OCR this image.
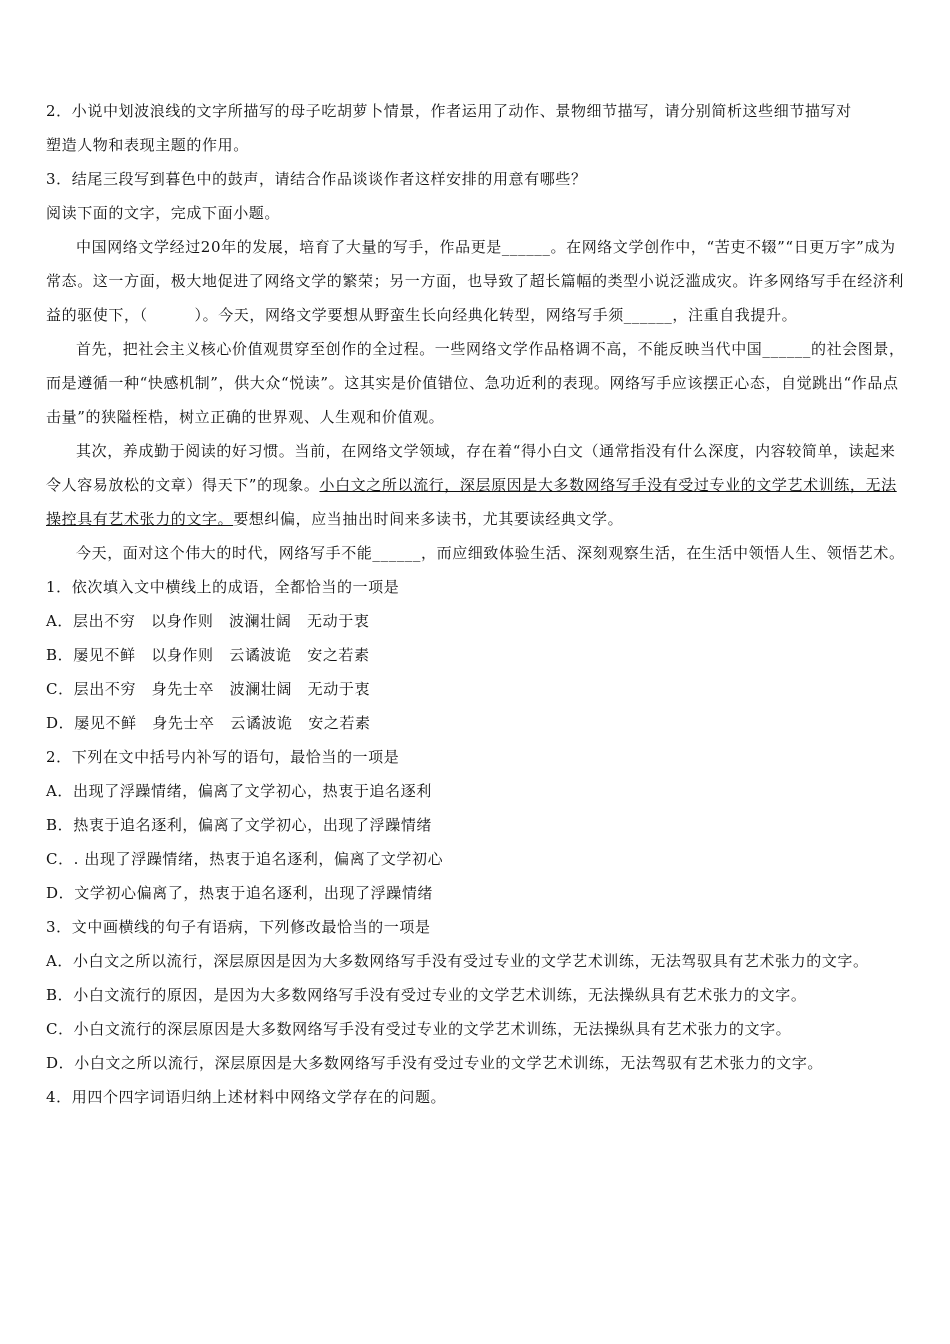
2．小说中划波浪线的文字所描写的母子吃胡萝卜情景，作者运用了动作、景物细节描写，请分别简析这些细节描写对
塑造人物和表现主题的作用。
3．结尾三段写到暮色中的鼓声，请结合作品谈谈作者这样安排的用意有哪些？
阅读下面的文字，完成下面小题。
中国网络文学经过20年的发展，培育了大量的写手，作品更是______。在网络文学创作中，“苦吏不辍”“日更万字”成为常态。这一方面，极大地促进了网络文学的繁荣；另一方面，也导致了超长篇幅的类型小说泛滥成灾。许多网络写手在经济利益的驱使下，（　　　）。今天，网络文学要想从野蛮生长向经典化转型，网络写手须______，注重自我提升。
首先，把社会主义核心价值观贯穿至创作的全过程。一些网络文学作品格调不高，不能反映当代中国______的社会图景，而是遵循一种“快感机制”，供大众“悦读”。这其实是价值错位、急功近利的表现。网络写手应该摆正心态，自觉跳出“作品点击量”的狭隘桎梏，树立正确的世界观、人生观和价值观。
其次，养成勤于阅读的好习惯。当前，在网络文学领域，存在着“得小白文（通常指没有什么深度，内容较简单，读起来令人容易放松的文章）得天下”的现象。小白文之所以流行，深层原因是大多数网络写手没有受过专业的文学艺术训练，无法操控具有艺术张力的文字。要想纠偏，应当抽出时间来多读书，尤其要读经典文学。
今天，面对这个伟大的时代，网络写手不能______，而应细致体验生活、深刻观察生活，在生活中领悟人生、领悟艺术。
1．依次填入文中横线上的成语，全都恰当的一项是
A．层出不穷　以身作则　波澜壮阔　无动于衷
B．屡见不鲜　以身作则　云谲波诡　安之若素
C．层出不穷　身先士卒　波澜壮阔　无动于衷
D．屡见不鲜　身先士卒　云谲波诡　安之若素
2．下列在文中括号内补写的语句，最恰当的一项是
A．出现了浮躁情绪，偏离了文学初心，热衷于追名逐利
B．热衷于追名逐利，偏离了文学初心，出现了浮躁情绪
C．. 出现了浮躁情绪，热衷于追名逐利，偏离了文学初心
D．文学初心偏离了，热衷于追名逐利，出现了浮躁情绪
3．文中画横线的句子有语病，下列修改最恰当的一项是
A．小白文之所以流行，深层原因是因为大多数网络写手没有受过专业的文学艺术训练，无法驾驭具有艺术张力的文字。
B．小白文流行的原因，是因为大多数网络写手没有受过专业的文学艺术训练，无法操纵具有艺术张力的文字。
C．小白文流行的深层原因是大多数网络写手没有受过专业的文学艺术训练，无法操纵具有艺术张力的文字。
D．小白文之所以流行，深层原因是大多数网络写手没有受过专业的文学艺术训练，无法驾驭有艺术张力的文字。
4．用四个四字词语归纳上述材料中网络文学存在的问题。
